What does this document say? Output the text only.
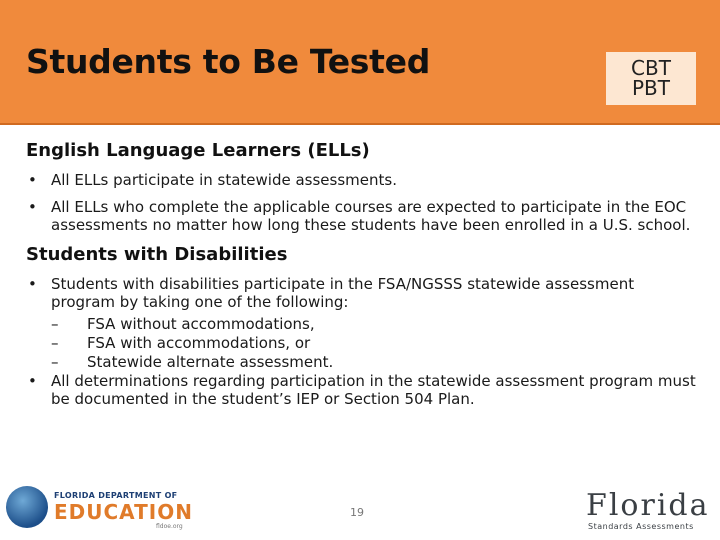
Students to Be Tested	CBT
PBT
English Language Learners (ELLs)
• All ELLs participate in statewide assessments.
• All ELLs who complete the applicable courses are expected to participate in the EOC assessments no matter how long these students have been enrolled in a U.S. school.
Students with Disabilities
• Students with disabilities participate in the FSA/NGSSS statewide assessment program by taking one of the following:
– FSA without accommodations,
– FSA with accommodations, or
– Statewide alternate assessment.
• All determinations regarding participation in the statewide assessment program must be documented in the student’s IEP or Section 504 Plan.
FLORIDA DEPARTMENT OF
EDUCATION
fldoe.org
19	Florida
Standards Assessments
